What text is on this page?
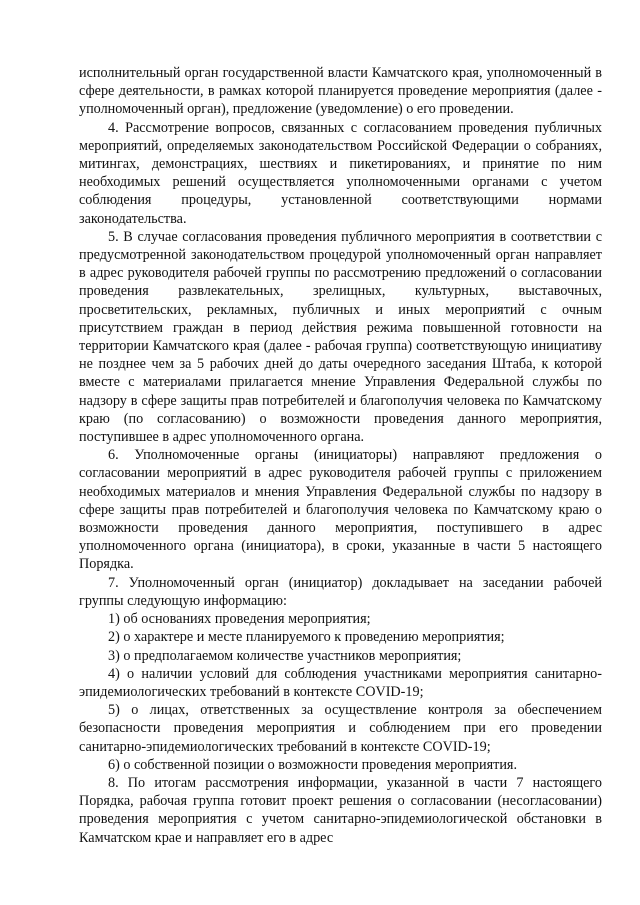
исполнительный орган государственной власти Камчатского края, уполномоченный в сфере деятельности, в рамках которой планируется проведение мероприятия (далее - уполномоченный орган), предложение (уведомление) о его проведении.

4. Рассмотрение вопросов, связанных с согласованием проведения публичных мероприятий, определяемых законодательством Российской Федерации о собраниях, митингах, демонстрациях, шествиях и пикетированиях, и принятие по ним необходимых решений осуществляется уполномоченными органами с учетом соблюдения процедуры, установленной соответствующими нормами законодательства.

5. В случае согласования проведения публичного мероприятия в соответствии с предусмотренной законодательством процедурой уполномоченный орган направляет в адрес руководителя рабочей группы по рассмотрению предложений о согласовании проведения развлекательных, зрелищных, культурных, выставочных, просветительских, рекламных, публичных и иных мероприятий с очным присутствием граждан в период действия режима повышенной готовности на территории Камчатского края (далее - рабочая группа) соответствующую инициативу не позднее чем за 5 рабочих дней до даты очередного заседания Штаба, к которой вместе с материалами прилагается мнение Управления Федеральной службы по надзору в сфере защиты прав потребителей и благополучия человека по Камчатскому краю (по согласованию) о возможности проведения данного мероприятия, поступившее в адрес уполномоченного органа.

6. Уполномоченные органы (инициаторы) направляют предложения о согласовании мероприятий в адрес руководителя рабочей группы с приложением необходимых материалов и мнения Управления Федеральной службы по надзору в сфере защиты прав потребителей и благополучия человека по Камчатскому краю о возможности проведения данного мероприятия, поступившего в адрес уполномоченного органа (инициатора), в сроки, указанные в части 5 настоящего Порядка.

7. Уполномоченный орган (инициатор) докладывает на заседании рабочей группы следующую информацию:

1) об основаниях проведения мероприятия;

2) о характере и месте планируемого к проведению мероприятия;

3) о предполагаемом количестве участников мероприятия;

4) о наличии условий для соблюдения участниками мероприятия санитарно-эпидемиологических требований в контексте COVID-19;

5) о лицах, ответственных за осуществление контроля за обеспечением безопасности проведения мероприятия и соблюдением при его проведении санитарно-эпидемиологических требований в контексте COVID-19;

6) о собственной позиции о возможности проведения мероприятия.

8. По итогам рассмотрения информации, указанной в части 7 настоящего Порядка, рабочая группа готовит проект решения о согласовании (несогласовании) проведения мероприятия с учетом санитарно-эпидемиологической обстановки в Камчатском крае и направляет его в адрес
